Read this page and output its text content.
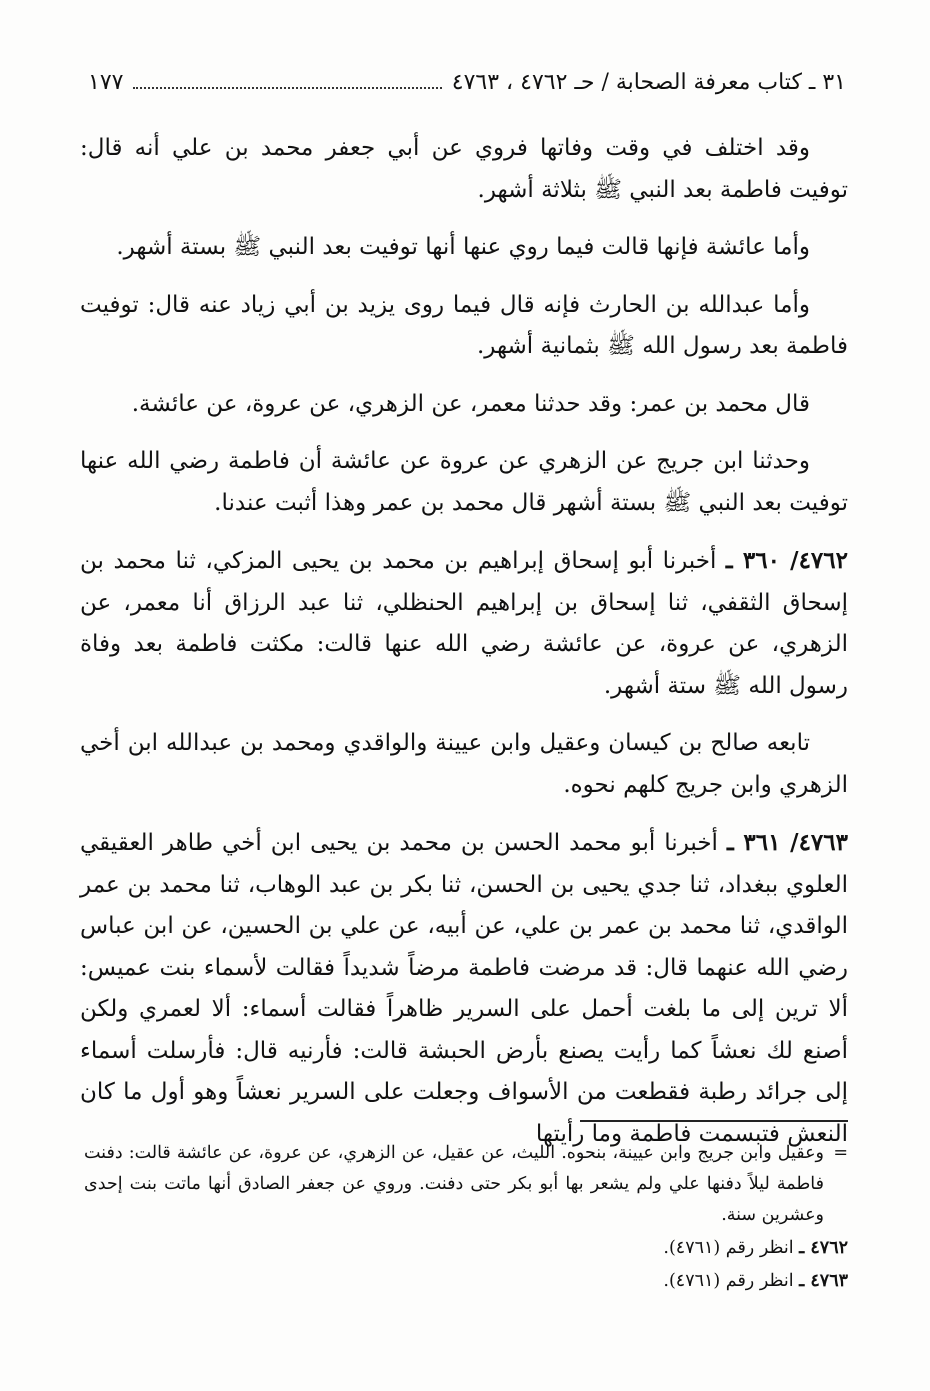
٣١ ـ كتاب معرفة الصحابة / حـ ٤٧٦٢ ، ٤٧٦٣
١٧٧

وقد اختلف في وقت وفاتها فروي عن أبي جعفر محمد بن علي أنه قال: توفيت فاطمة بعد النبي ﷺ بثلاثة أشهر.

وأما عائشة فإنها قالت فيما روي عنها أنها توفيت بعد النبي ﷺ بستة أشهر.

وأما عبدالله بن الحارث فإنه قال فيما روى يزيد بن أبي زياد عنه قال: توفيت فاطمة بعد رسول الله ﷺ بثمانية أشهر.

قال محمد بن عمر: وقد حدثنا معمر، عن الزهري، عن عروة، عن عائشة.

وحدثنا ابن جريج عن الزهري عن عروة عن عائشة أن فاطمة رضي الله عنها توفيت بعد النبي ﷺ بستة أشهر قال محمد بن عمر وهذا أثبت عندنا.

٤٧٦٢/ ٣٦٠ ـ أخبرنا أبو إسحاق إبراهيم بن محمد بن يحيى المزكي، ثنا محمد بن إسحاق الثقفي، ثنا إسحاق بن إبراهيم الحنظلي، ثنا عبد الرزاق أنا معمر، عن الزهري، عن عروة، عن عائشة رضي الله عنها قالت: مكثت فاطمة بعد وفاة رسول الله ﷺ ستة أشهر.

تابعه صالح بن كيسان وعقيل وابن عيينة والواقدي ومحمد بن عبدالله ابن أخي الزهري وابن جريج كلهم نحوه.

٤٧٦٣/ ٣٦١ ـ أخبرنا أبو محمد الحسن بن محمد بن يحيى ابن أخي طاهر العقيقي العلوي ببغداد، ثنا جدي يحيى بن الحسن، ثنا بكر بن عبد الوهاب، ثنا محمد بن عمر الواقدي، ثنا محمد بن عمر بن علي، عن أبيه، عن علي بن الحسين، عن ابن عباس رضي الله عنهما قال: قد مرضت فاطمة مرضاً شديداً فقالت لأسماء بنت عميس: ألا ترين إلى ما بلغت أحمل على السرير ظاهراً فقالت أسماء: ألا لعمري ولكن أصنع لك نعشاً كما رأيت يصنع بأرض الحبشة قالت: فأرنيه قال: فأرسلت أسماء إلى جرائد رطبة فقطعت من الأسواف وجعلت على السرير نعشاً وهو أول ما كان النعش فتبسمت فاطمة وما رأيتها

=
وعقيل وابن جريج وابن عيينة، بنحوه. الليث، عن عقيل، عن الزهري، عن عروة، عن عائشة قالت: دفنت فاطمة ليلاً دفنها علي ولم يشعر بها أبو بكر حتى دفنت. وروي عن جعفر الصادق أنها ماتت بنت إحدى وعشرين سنة.

٤٧٦٢ ـ انظر رقم (٤٧٦١).

٤٧٦٣ ـ انظر رقم (٤٧٦١).
